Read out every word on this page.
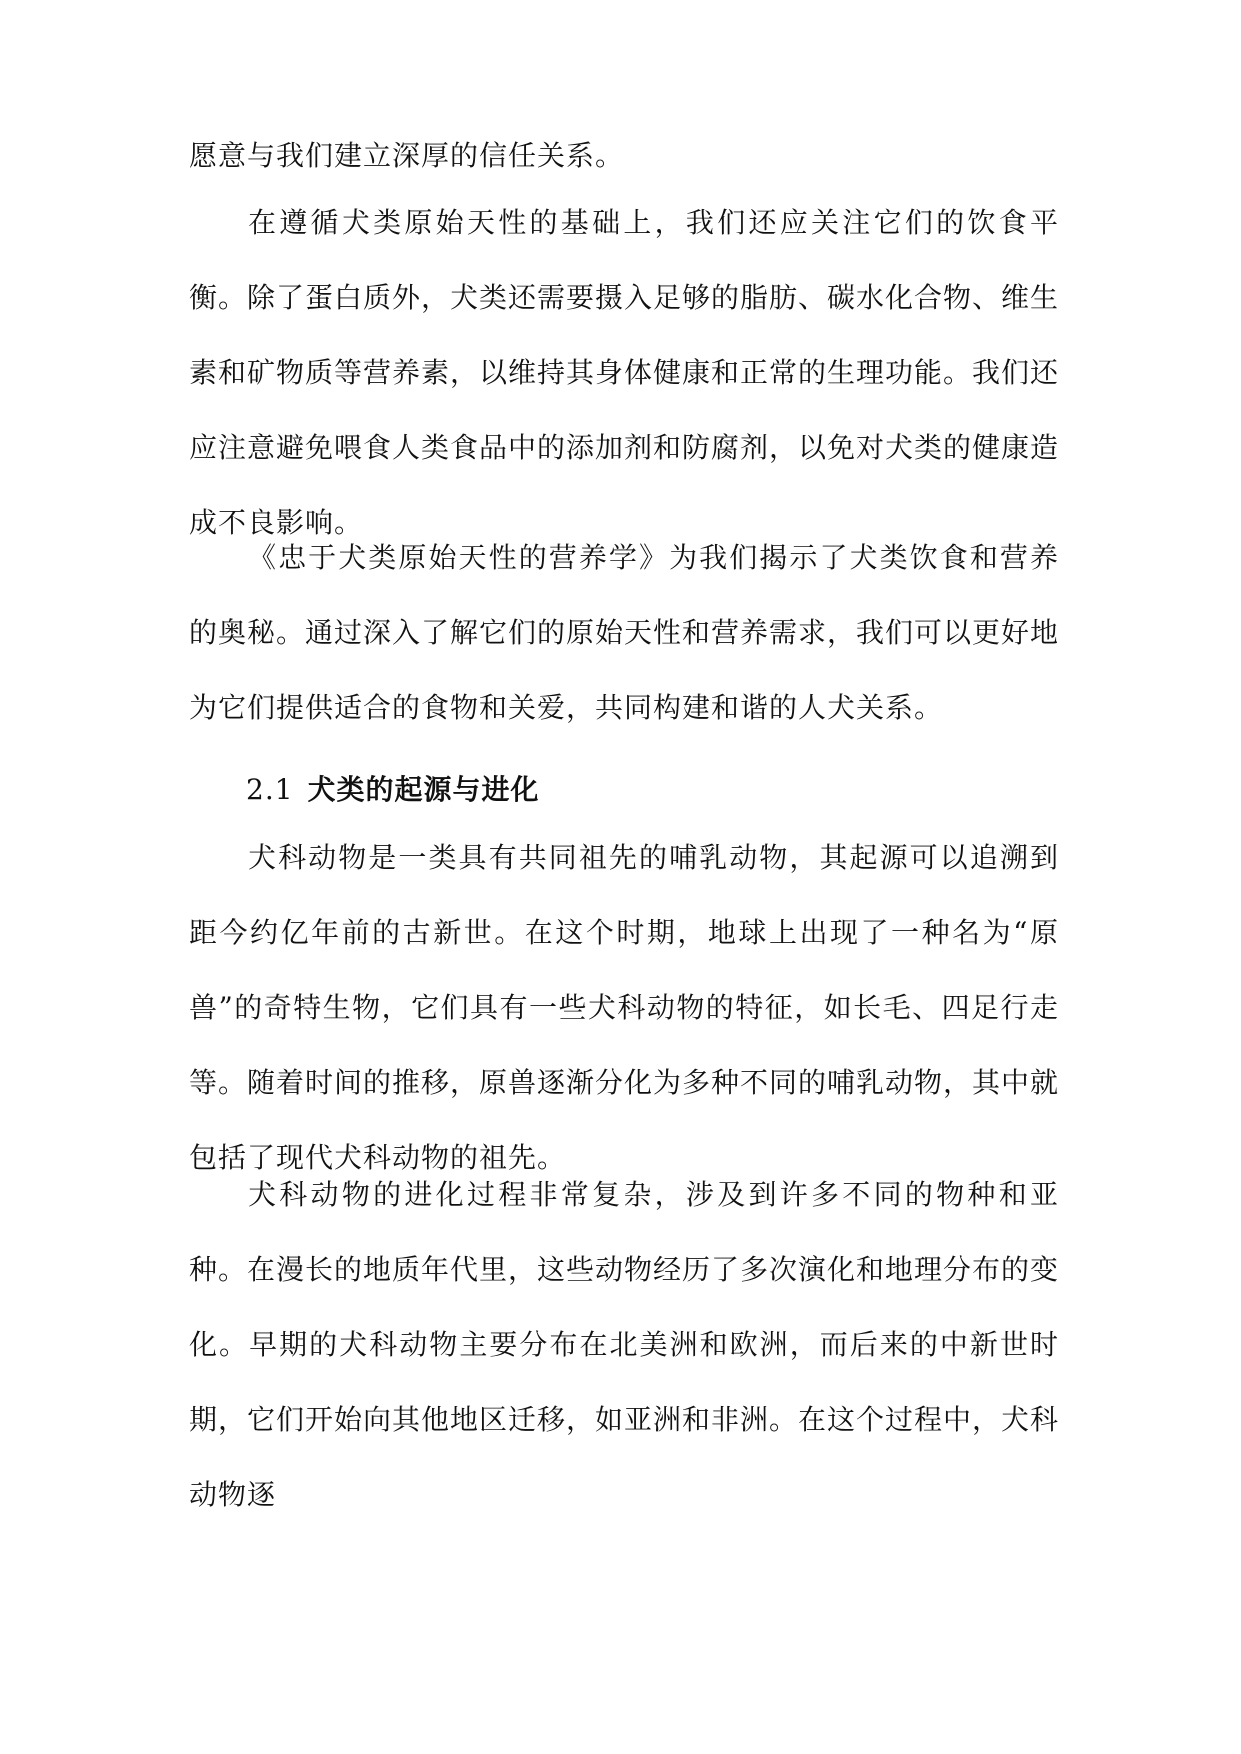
愿意与我们建立深厚的信任关系。

在遵循犬类原始天性的基础上，我们还应关注它们的饮食平衡。除了蛋白质外，犬类还需要摄入足够的脂肪、碳水化合物、维生素和矿物质等营养素，以维持其身体健康和正常的生理功能。我们还应注意避免喂食人类食品中的添加剂和防腐剂，以免对犬类的健康造成不良影响。

《忠于犬类原始天性的营养学》为我们揭示了犬类饮食和营养的奥秘。通过深入了解它们的原始天性和营养需求，我们可以更好地为它们提供适合的食物和关爱，共同构建和谐的人犬关系。

2.1 犬类的起源与进化

犬科动物是一类具有共同祖先的哺乳动物，其起源可以追溯到距今约亿年前的古新世。在这个时期，地球上出现了一种名为“原兽”的奇特生物，它们具有一些犬科动物的特征，如长毛、四足行走等。随着时间的推移，原兽逐渐分化为多种不同的哺乳动物，其中就包括了现代犬科动物的祖先。

犬科动物的进化过程非常复杂，涉及到许多不同的物种和亚种。在漫长的地质年代里，这些动物经历了多次演化和地理分布的变化。早期的犬科动物主要分布在北美洲和欧洲，而后来的中新世时期，它们开始向其他地区迁移，如亚洲和非洲。在这个过程中，犬科动物逐
